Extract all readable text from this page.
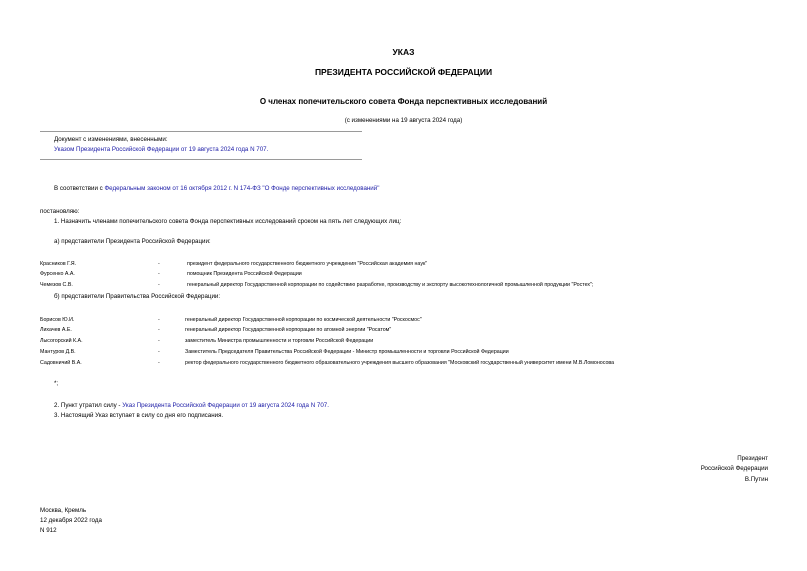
УКАЗ
ПРЕЗИДЕНТА РОССИЙСКОЙ ФЕДЕРАЦИИ
О членах попечительского совета Фонда перспективных исследований
(с изменениями на 19 августа 2024 года)
Документ с изменениями, внесенными:
Указом Президента Российской Федерации от 19 августа 2024 года N 707.
В соответствии с Федеральным законом от 16 октября 2012 г. N 174-ФЗ "О Фонде перспективных исследований"
постановляю:
1. Назначить членами попечительского совета Фонда перспективных исследований сроком на пять лет следующих лиц:
а) представители Президента Российской Федерации:
Красников Г.Я.	-	президент федерального государственного бюджетного учреждения "Российская академия наук"
Фурсенко А.А.	-	помощник Президента Российской Федерации
Чемезов С.В.	-	генеральный директор Государственной корпорации по содействию разработке, производству и экспорту высокотехнологичной промышленной продукции "Ростех";
б) представители Правительства Российской Федерации:
Борисов Ю.И.	-	генеральный директор Государственной корпорации по космической деятельности "Роскосмос"
Лихачев А.Е.	-	генеральный директор Государственной корпорации по атомной энергии "Росатом"
Лысогорский К.А.	-	заместитель Министра промышленности и торговли Российской Федерации
Мантуров Д.В.	-	Заместитель Председателя Правительства Российской Федерации - Министр промышленности и торговли Российской Федерации
Садовничий В.А.	-	ректор федерального государственного бюджетного образовательного учреждения высшего образования "Московский государственный университет имени М.В.Ломоносова
*;
2. Пункт утратил силу - Указ Президента Российской Федерации от 19 августа 2024 года N 707.
3. Настоящий Указ вступает в силу со дня его подписания.
Президент
Российской Федерации
В.Путин
Москва, Кремль
12 декабря 2022 года
N 912
